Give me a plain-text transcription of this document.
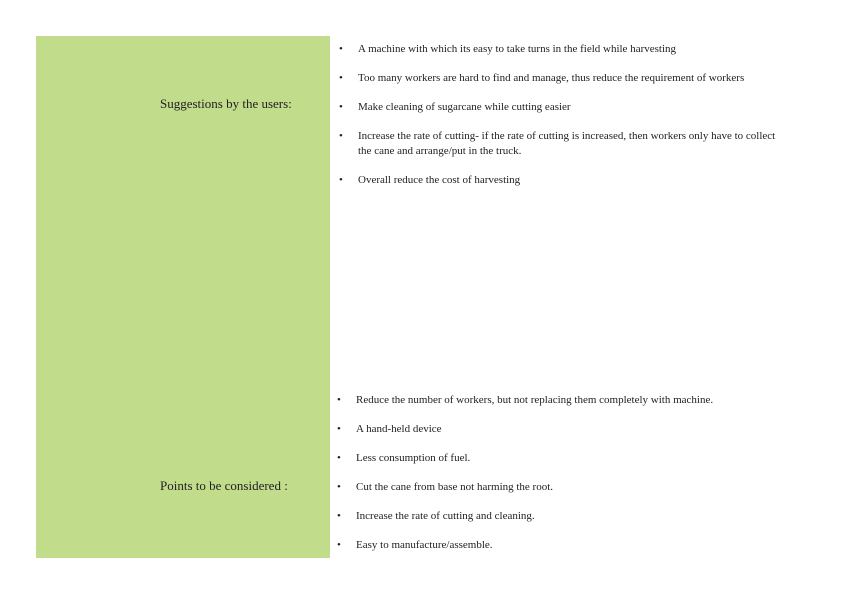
Suggestions by the users:
Points to be considered :
• A machine with which its easy to take turns in the field while harvesting
• Too many workers are hard to find and manage, thus reduce the requirement of workers
• Make cleaning of sugarcane while cutting easier
• Increase the rate of cutting- if the rate of cutting is increased, then workers only have to collect the cane and arrange/put in the truck.
• Overall reduce the cost of harvesting
• Reduce the number of workers, but not replacing them completely with machine.
• A hand-held device
• Less consumption of fuel.
• Cut the cane from base not harming the root.
• Increase the rate of cutting and cleaning.
• Easy to manufacture/assemble.
